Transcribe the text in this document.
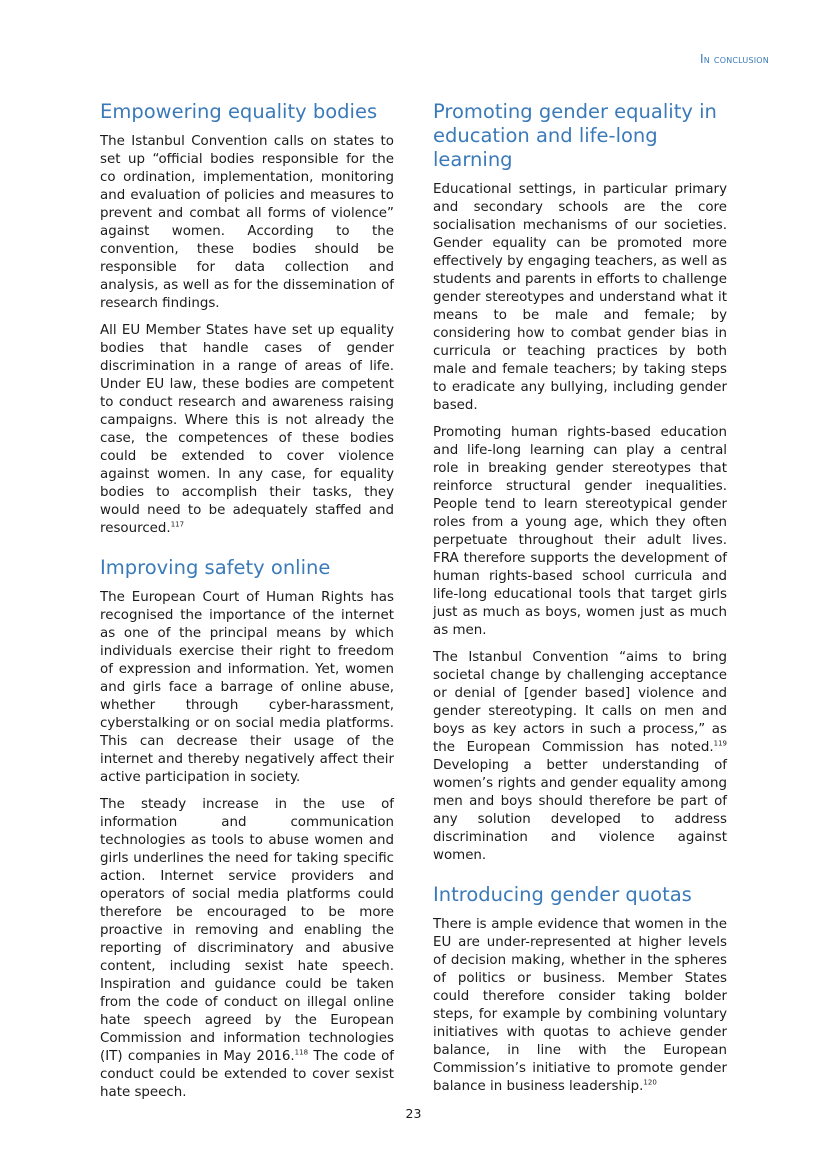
In conclusion
Empowering equality bodies

The Istanbul Convention calls on states to set up “official bodies responsible for the co ordination, implementation, monitoring and evaluation of policies and measures to prevent and combat all forms of violence” against women. According to the convention, these bodies should be responsible for data collection and analysis, as well as for the dissemination of research findings.

All EU Member States have set up equality bodies that handle cases of gender discrimination in a range of areas of life. Under EU law, these bodies are competent to conduct research and awareness raising campaigns. Where this is not already the case, the competences of these bodies could be extended to cover violence against women. In any case, for equality bodies to accomplish their tasks, they would need to be adequately staffed and resourced.$^{117}$

Improving safety online

The European Court of Human Rights has recognised the importance of the internet as one of the principal means by which individuals exercise their right to freedom of expression and information. Yet, women and girls face a barrage of online abuse, whether through cyber-harassment, cyberstalking or on social media platforms. This can decrease their usage of the internet and thereby negatively affect their active participation in society.

The steady increase in the use of information and communication technologies as tools to abuse women and girls underlines the need for taking specific action. Internet service providers and operators of social media platforms could therefore be encouraged to be more proactive in removing and enabling the reporting of discriminatory and abusive content, including sexist hate speech. Inspiration and guidance could be taken from the code of conduct on illegal online hate speech agreed by the European Commission and information technologies (IT) companies in May 2016.$^{118}$ The code of conduct could be extended to cover sexist hate speech.

Promoting gender equality in education and life-long learning

Educational settings, in particular primary and secondary schools are the core socialisation mechanisms of our societies. Gender equality can be promoted more effectively by engaging teachers, as well as students and parents in efforts to challenge gender stereotypes and understand what it means to be male and female; by considering how to combat gender bias in curricula or teaching practices by both male and female teachers; by taking steps to eradicate any bullying, including gender based.

Promoting human rights-based education and life-long learning can play a central role in breaking gender stereotypes that reinforce structural gender inequalities. People tend to learn stereotypical gender roles from a young age, which they often perpetuate throughout their adult lives. FRA therefore supports the development of human rights-based school curricula and life-long educational tools that target girls just as much as boys, women just as much as men.

The Istanbul Convention “aims to bring societal change by challenging acceptance or denial of [gender based] violence and gender stereotyping. It calls on men and boys as key actors in such a process,” as the European Commission has noted.$^{119}$ Developing a better understanding of women’s rights and gender equality among men and boys should therefore be part of any solution developed to address discrimination and violence against women.

Introducing gender quotas

There is ample evidence that women in the EU are under-represented at higher levels of decision making, whether in the spheres of politics or business. Member States could therefore consider taking bolder steps, for example by combining voluntary initiatives with quotas to achieve gender balance, in line with the European Commission’s initiative to promote gender balance in business leadership.$^{120}$

23
